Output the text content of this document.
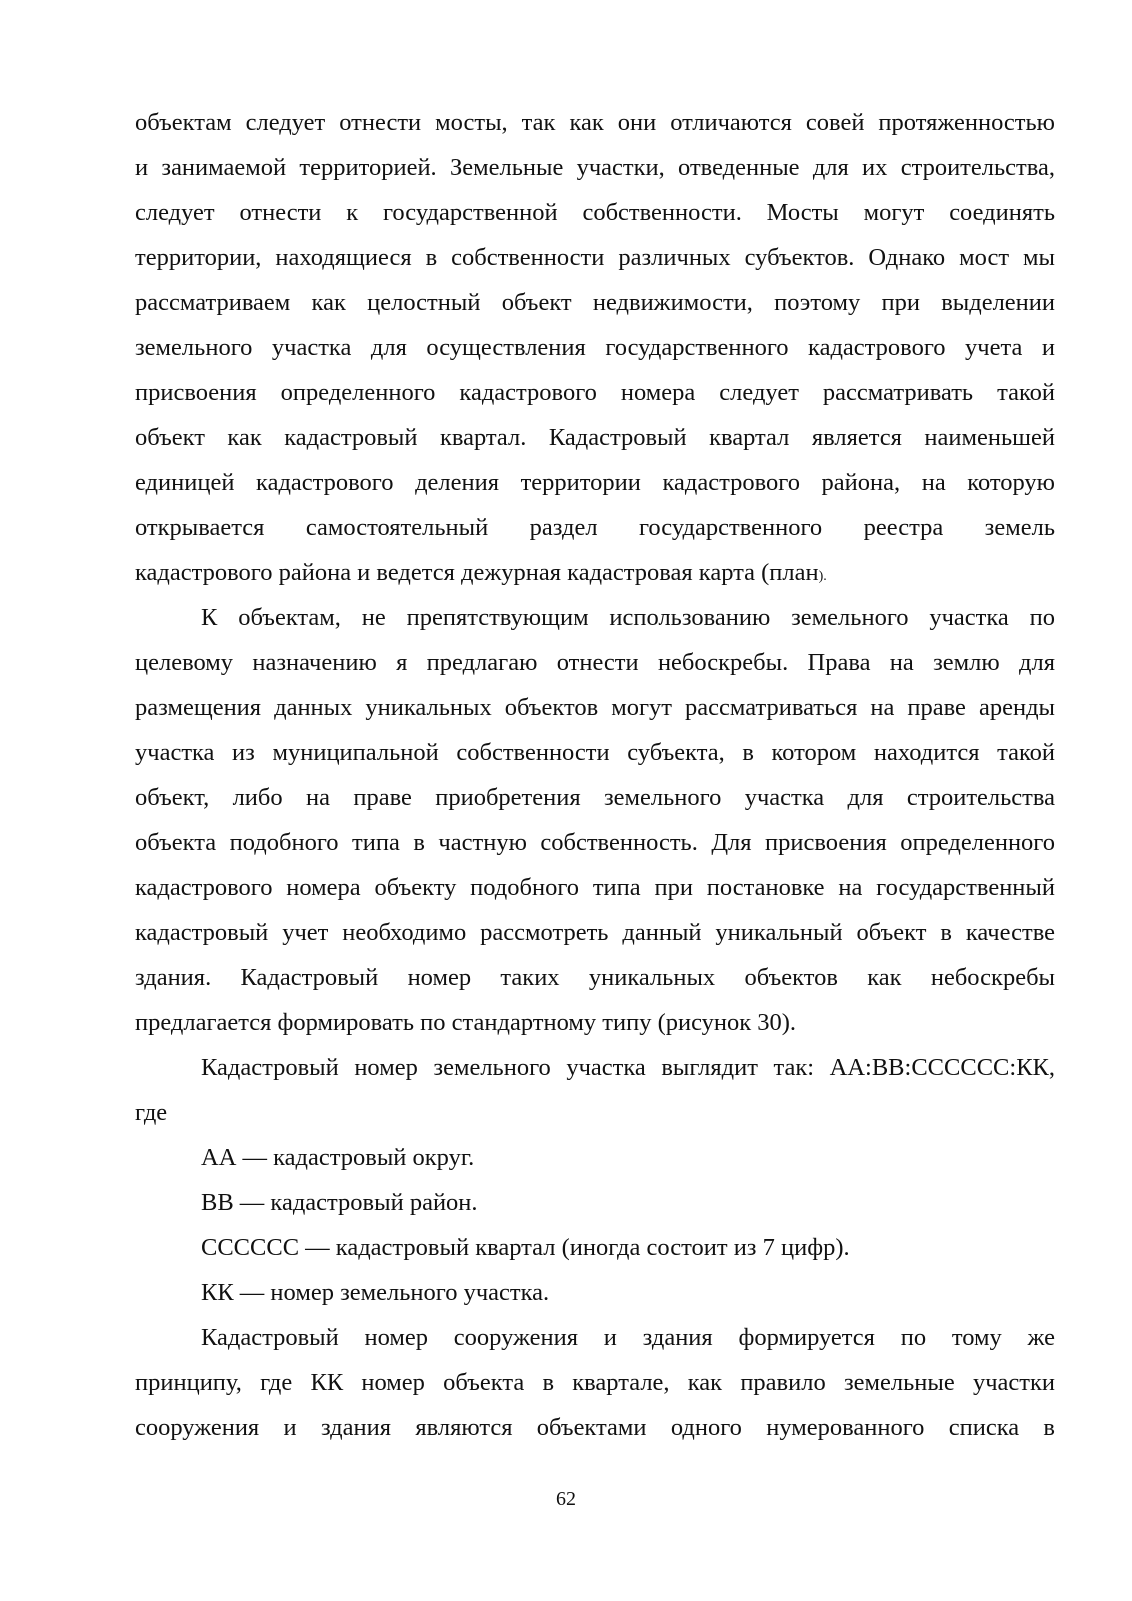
объектам следует отнести мосты, так как они отличаются совей протяженностью
и занимаемой территорией. Земельные участки, отведенные для их строительства,
следует отнести к государственной собственности. Мосты могут соединять
территории, находящиеся в собственности различных субъектов. Однако мост мы
рассматриваем как целостный объект недвижимости, поэтому при выделении
земельного участка для осуществления государственного кадастрового учета и
присвоения определенного кадастрового номера следует рассматривать такой
объект как кадастровый квартал. Кадастровый квартал является наименьшей
единицей кадастрового деления территории кадастрового района, на которую
открывается самостоятельный раздел государственного реестра земель
кадастрового района и ведется дежурная кадастровая карта (план).
К объектам, не препятствующим использованию земельного участка по
целевому назначению я предлагаю отнести небоскребы. Права на землю для
размещения данных уникальных объектов могут рассматриваться на праве аренды
участка из муниципальной собственности субъекта, в котором находится такой
объект, либо на праве приобретения земельного участка для строительства
объекта подобного типа в частную собственность. Для присвоения определенного
кадастрового номера объекту подобного типа при постановке на государственный
кадастровый учет необходимо рассмотреть данный уникальный объект в качестве
здания. Кадастровый номер таких уникальных объектов как небоскребы
предлагается формировать по стандартному типу (рисунок 30).
Кадастровый номер земельного участка выглядит так: АА:ВВ:СССССС:КК,
где
АА — кадастровый округ.
ВВ — кадастровый район.
СССССС — кадастровый квартал (иногда состоит из 7 цифр).
КК — номер земельного участка.
Кадастровый номер сооружения и здания формируется по тому же
принципу, где КК номер объекта в квартале, как правило земельные участки
сооружения и здания являются объектами одного нумерованного списка в
62
